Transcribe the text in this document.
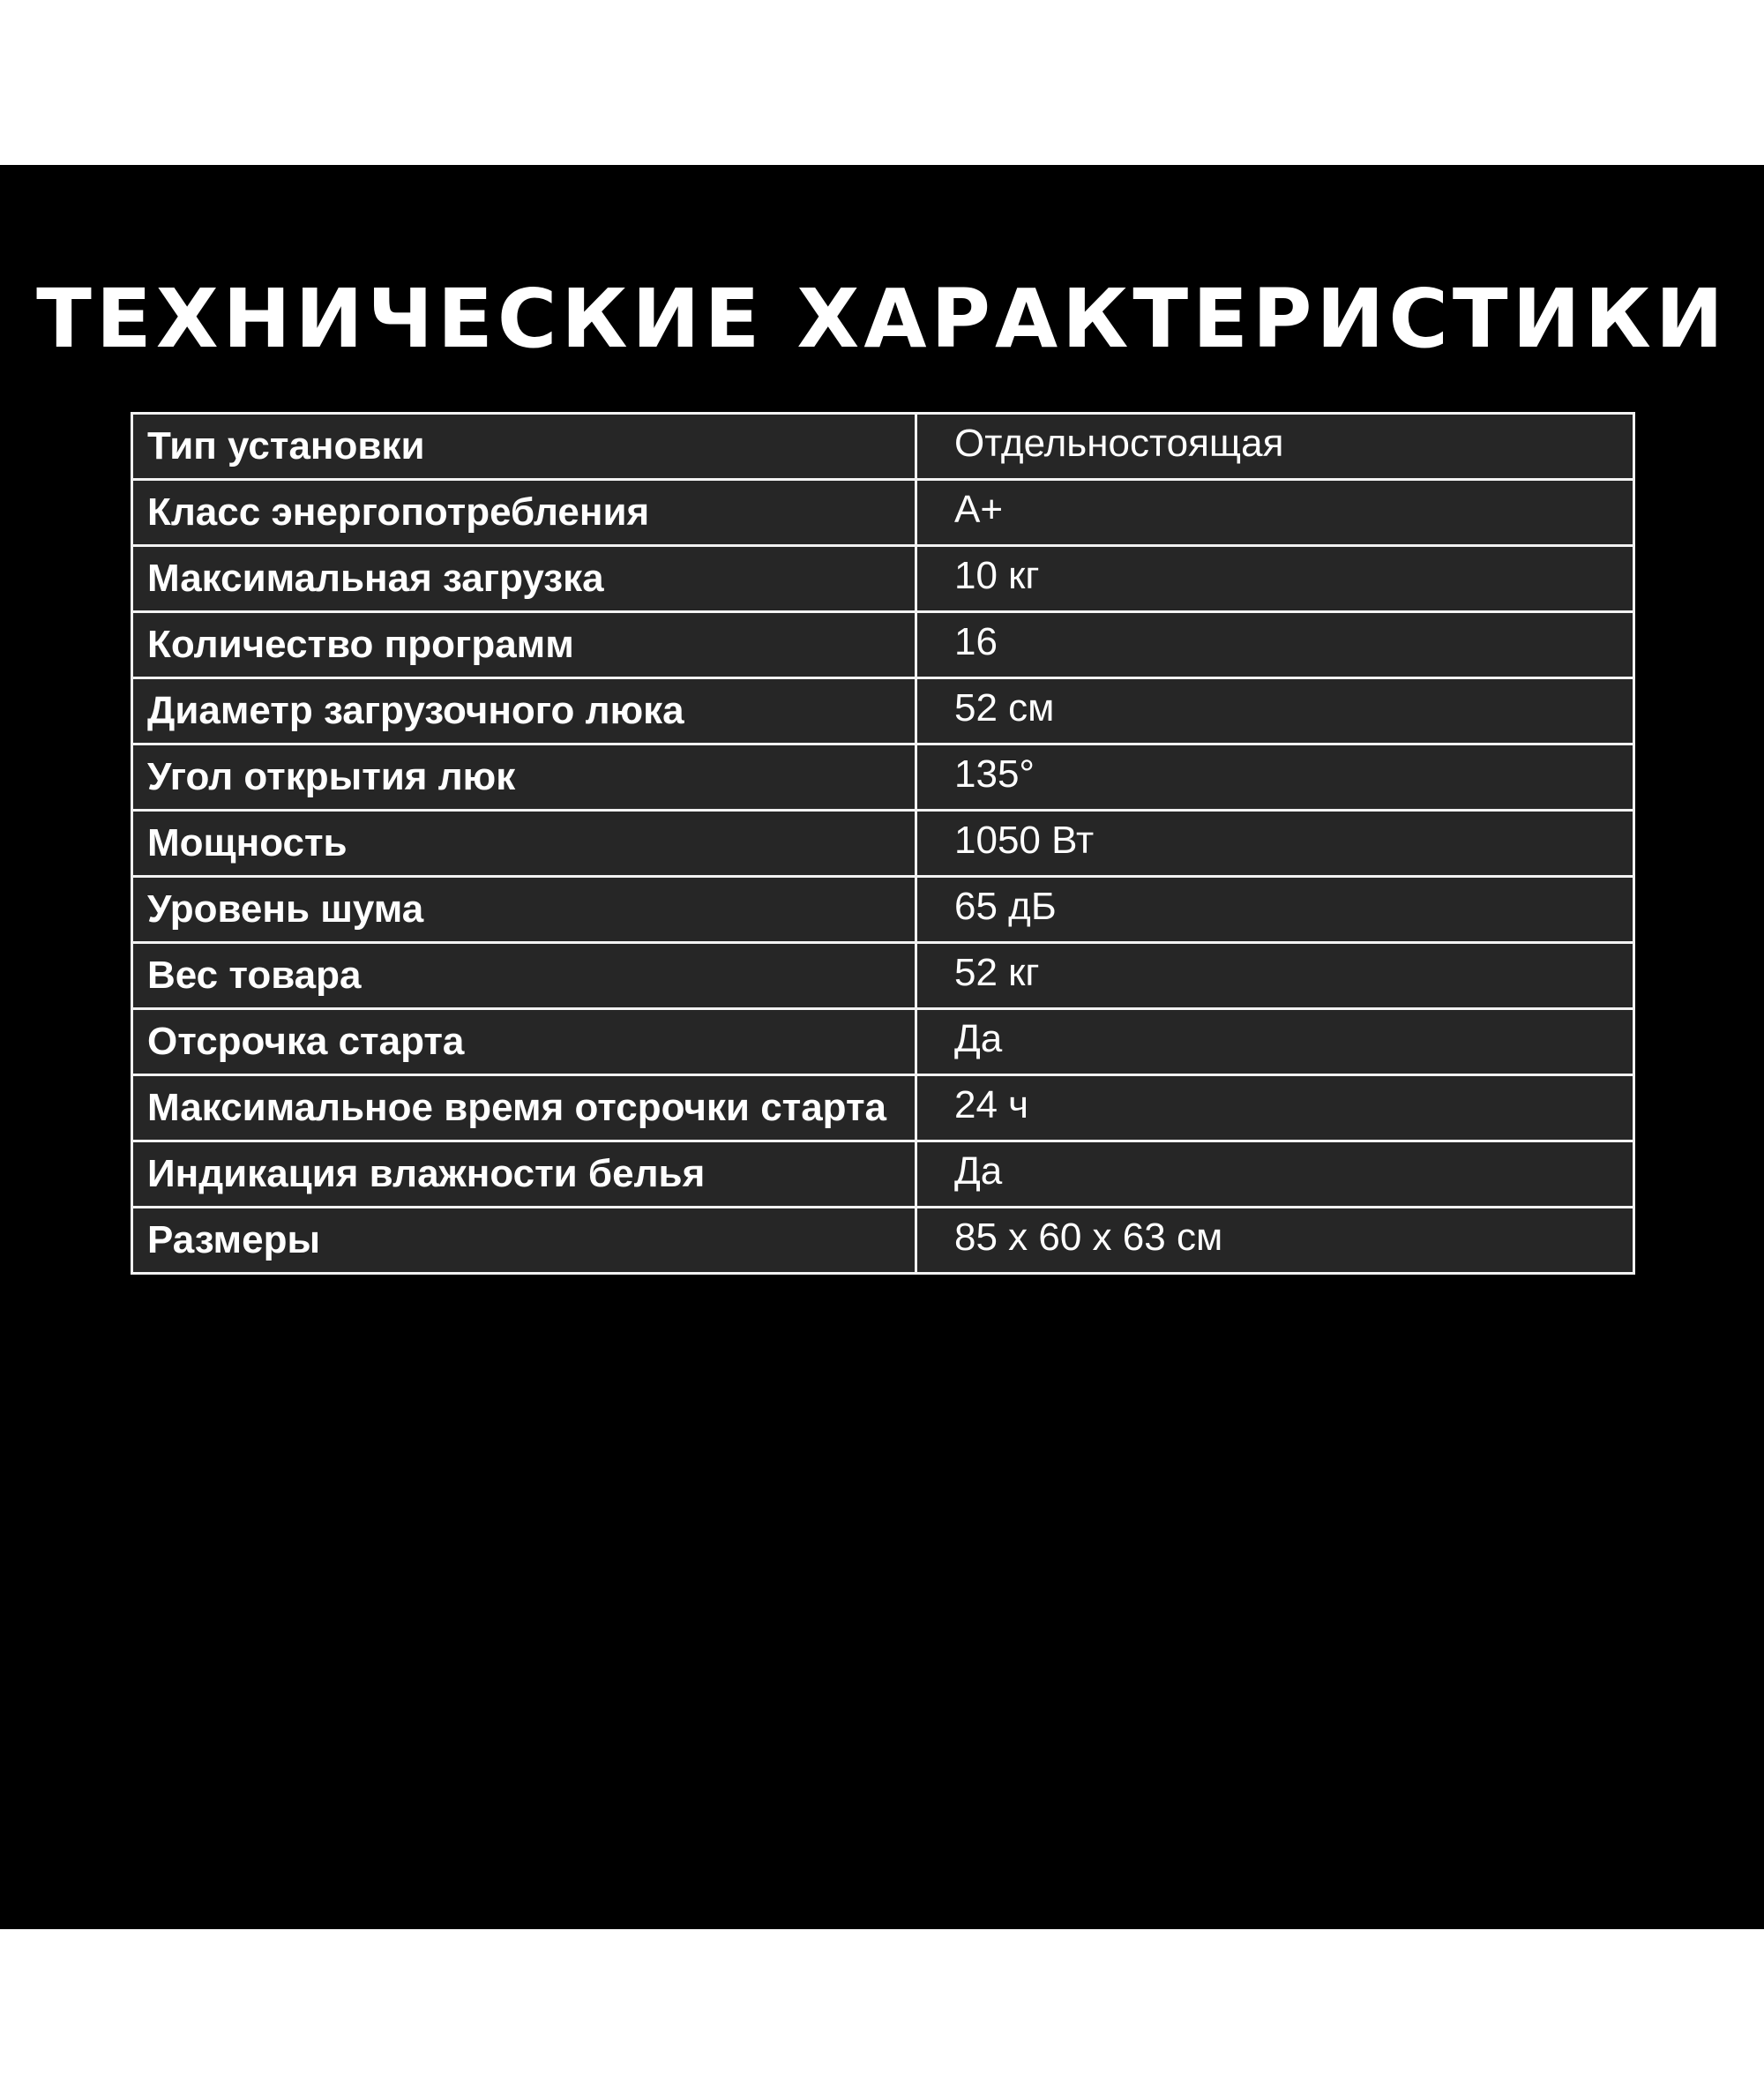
ТЕХНИЧЕСКИЕ ХАРАКТЕРИСТИКИ
Тип установки	Отдельностоящая
Класс энергопотребления	А+
Максимальная загрузка	10 кг
Количество программ	16
Диаметр загрузочного люка	52 см
Угол открытия люк	135°
Мощность	1050 Вт
Уровень шума	65 дБ
Вес товара	52 кг
Отсрочка старта	Да
Максимальное время отсрочки старта	24 ч
Индикация влажности белья	Да
Размеры	85 х 60 х 63 см
